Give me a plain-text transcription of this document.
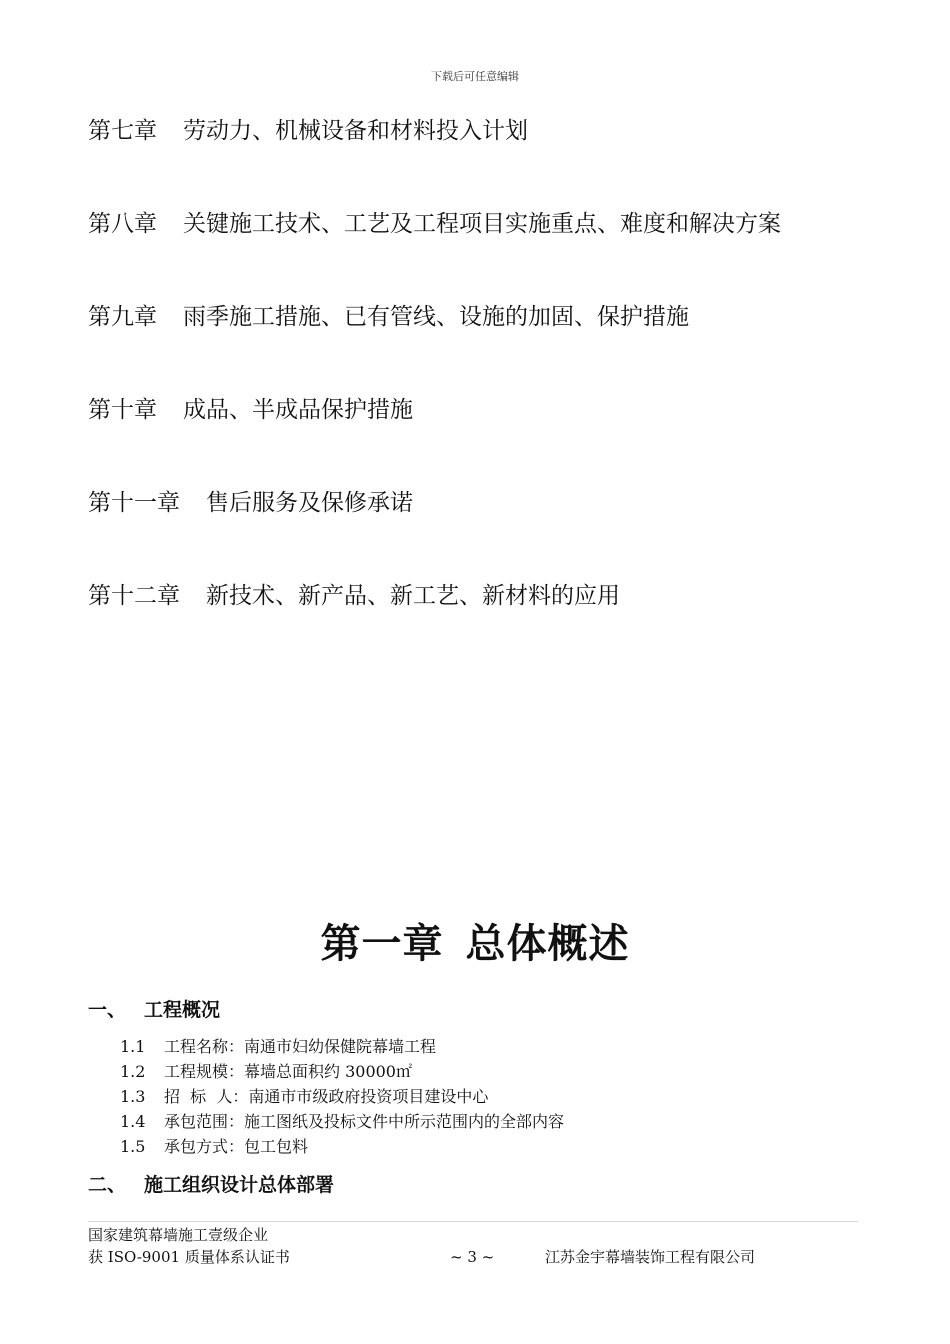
下载后可任意编辑
第七章 劳动力、机械设备和材料投入计划
第八章 关键施工技术、工艺及工程项目实施重点、难度和解决方案
第九章 雨季施工措施、已有管线、设施的加固、保护措施
第十章 成品、半成品保护措施
第十一章 售后服务及保修承诺
第十二章 新技术、新产品、新工艺、新材料的应用
第一章 总体概述
一、 工程概况
1.1	工程名称：南通市妇幼保健院幕墙工程
1.2	工程规模：幕墙总面积约 30000㎡
1.3	招  标  人：南通市市级政府投资项目建设中心
1.4	承包范围：施工图纸及投标文件中所示范围内的全部内容
1.5	承包方式：包工包料
二、 施工组织设计总体部署
国家建筑幕墙施工壹级企业
获 ISO-9001 质量体系认证书	~ 3 ~	江苏金宇幕墙装饰工程有限公司
